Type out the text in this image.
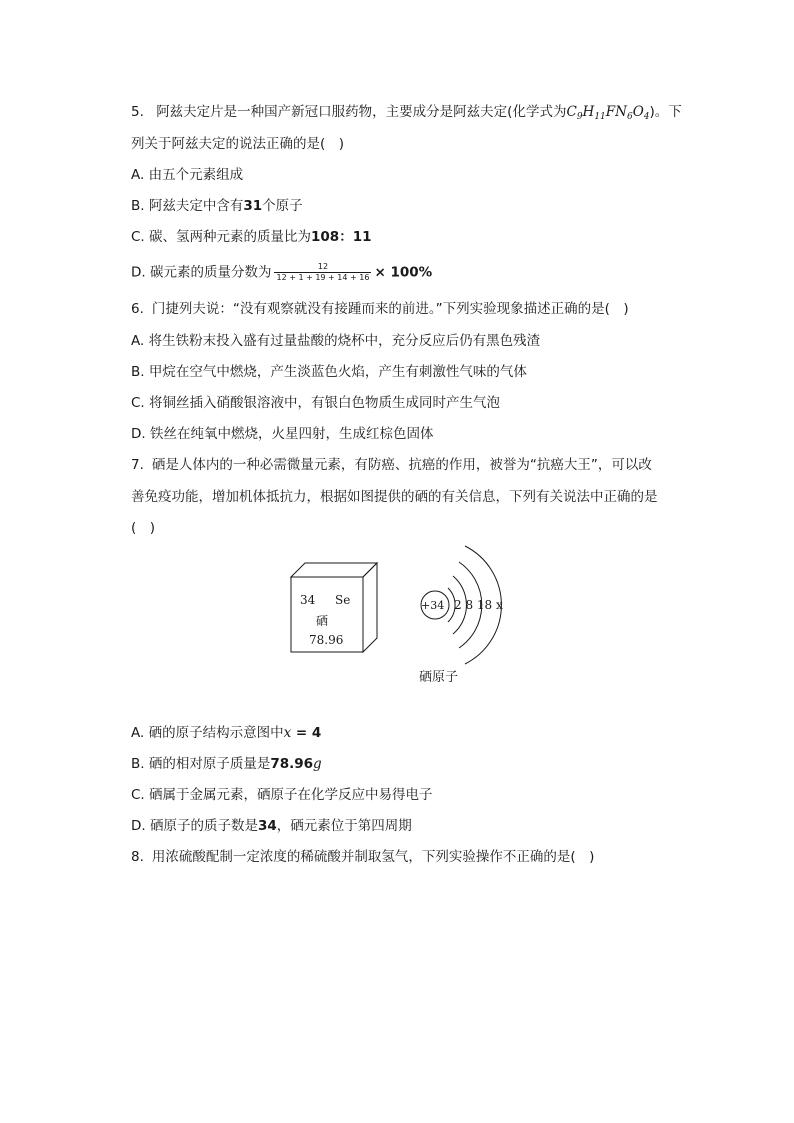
5. 阿兹夫定片是一种国产新冠口服药物，主要成分是阿兹夫定(化学式为$C_9H_{11}FN_6O_4$)。下
列关于阿兹夫定的说法正确的是(　)
A. 由五个元素组成
B. 阿兹夫定中含有31个原子
C. 碳、氢两种元素的质量比为108：11
D. 碳元素的质量分数为 $\frac{12}{12 + 1 + 19 + 14 + 16} \times 100\%$
6. 门捷列夫说：“没有观察就没有接踵而来的前进。”下列实验现象描述正确的是(　)
A. 将生铁粉末投入盛有过量盐酸的烧杯中，充分反应后仍有黑色残渣
B. 甲烷在空气中燃烧，产生淡蓝色火焰，产生有刺激性气味的气体
C. 将铜丝插入硝酸银溶液中，有银白色物质生成同时产生气泡
D. 铁丝在纯氧中燃烧，火星四射，生成红棕色固体
7. 硒是人体内的一种必需微量元素，有防癌、抗癌的作用，被誉为“抗癌大王”，可以改
善免疫功能，增加机体抵抗力，根据如图提供的硒的有关信息，下列有关说法中正确的是
(　)
34 Se
硒
78.96
+34 2 8 18 x
硒原子
A. 硒的原子结构示意图中x = 4
B. 硒的相对原子质量是78.96g
C. 硒属于金属元素，硒原子在化学反应中易得电子
D. 硒原子的质子数是34，硒元素位于第四周期
8. 用浓硫酸配制一定浓度的稀硫酸并制取氢气，下列实验操作不正确的是(　)
